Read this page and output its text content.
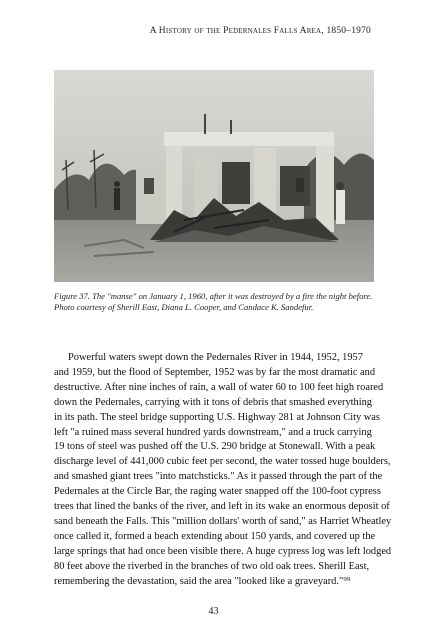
A History of the Pedernales Falls Area, 1850–1970
Figure 37. The "manse" on January 1, 1960, after it was destroyed by a fire the night before.
Photo courtesy of Sherill East, Diana L. Cooper, and Candace K. Sandefur.
Powerful waters swept down the Pedernales River in 1944, 1952, 1957
and 1959, but the flood of September, 1952 was by far the most dramatic and
destructive. After nine inches of rain, a wall of water 60 to 100 feet high roared
down the Pedernales, carrying with it tons of debris that smashed everything
in its path. The steel bridge supporting U.S. Highway 281 at Johnson City was
left "a ruined mass several hundred yards downstream," and a truck carrying
19 tons of steel was pushed off the U.S. 290 bridge at Stonewall. With a peak
discharge level of 441,000 cubic feet per second, the water tossed huge boulders,
and smashed giant trees "into matchsticks." As it passed through the part of the
Pedernales at the Circle Bar, the raging water snapped off the 100-foot cypress
trees that lined the banks of the river, and left in its wake an enormous deposit of
sand beneath the Falls. This "million dollars' worth of sand," as Harriet Wheatley
once called it, formed a beach extending about 150 yards, and covered up the
large springs that had once been visible there. A huge cypress log was left lodged
80 feet above the riverbed in the branches of two old oak trees. Sherill East,
remembering the devastation, said the area "looked like a graveyard."⁹⁹
43
